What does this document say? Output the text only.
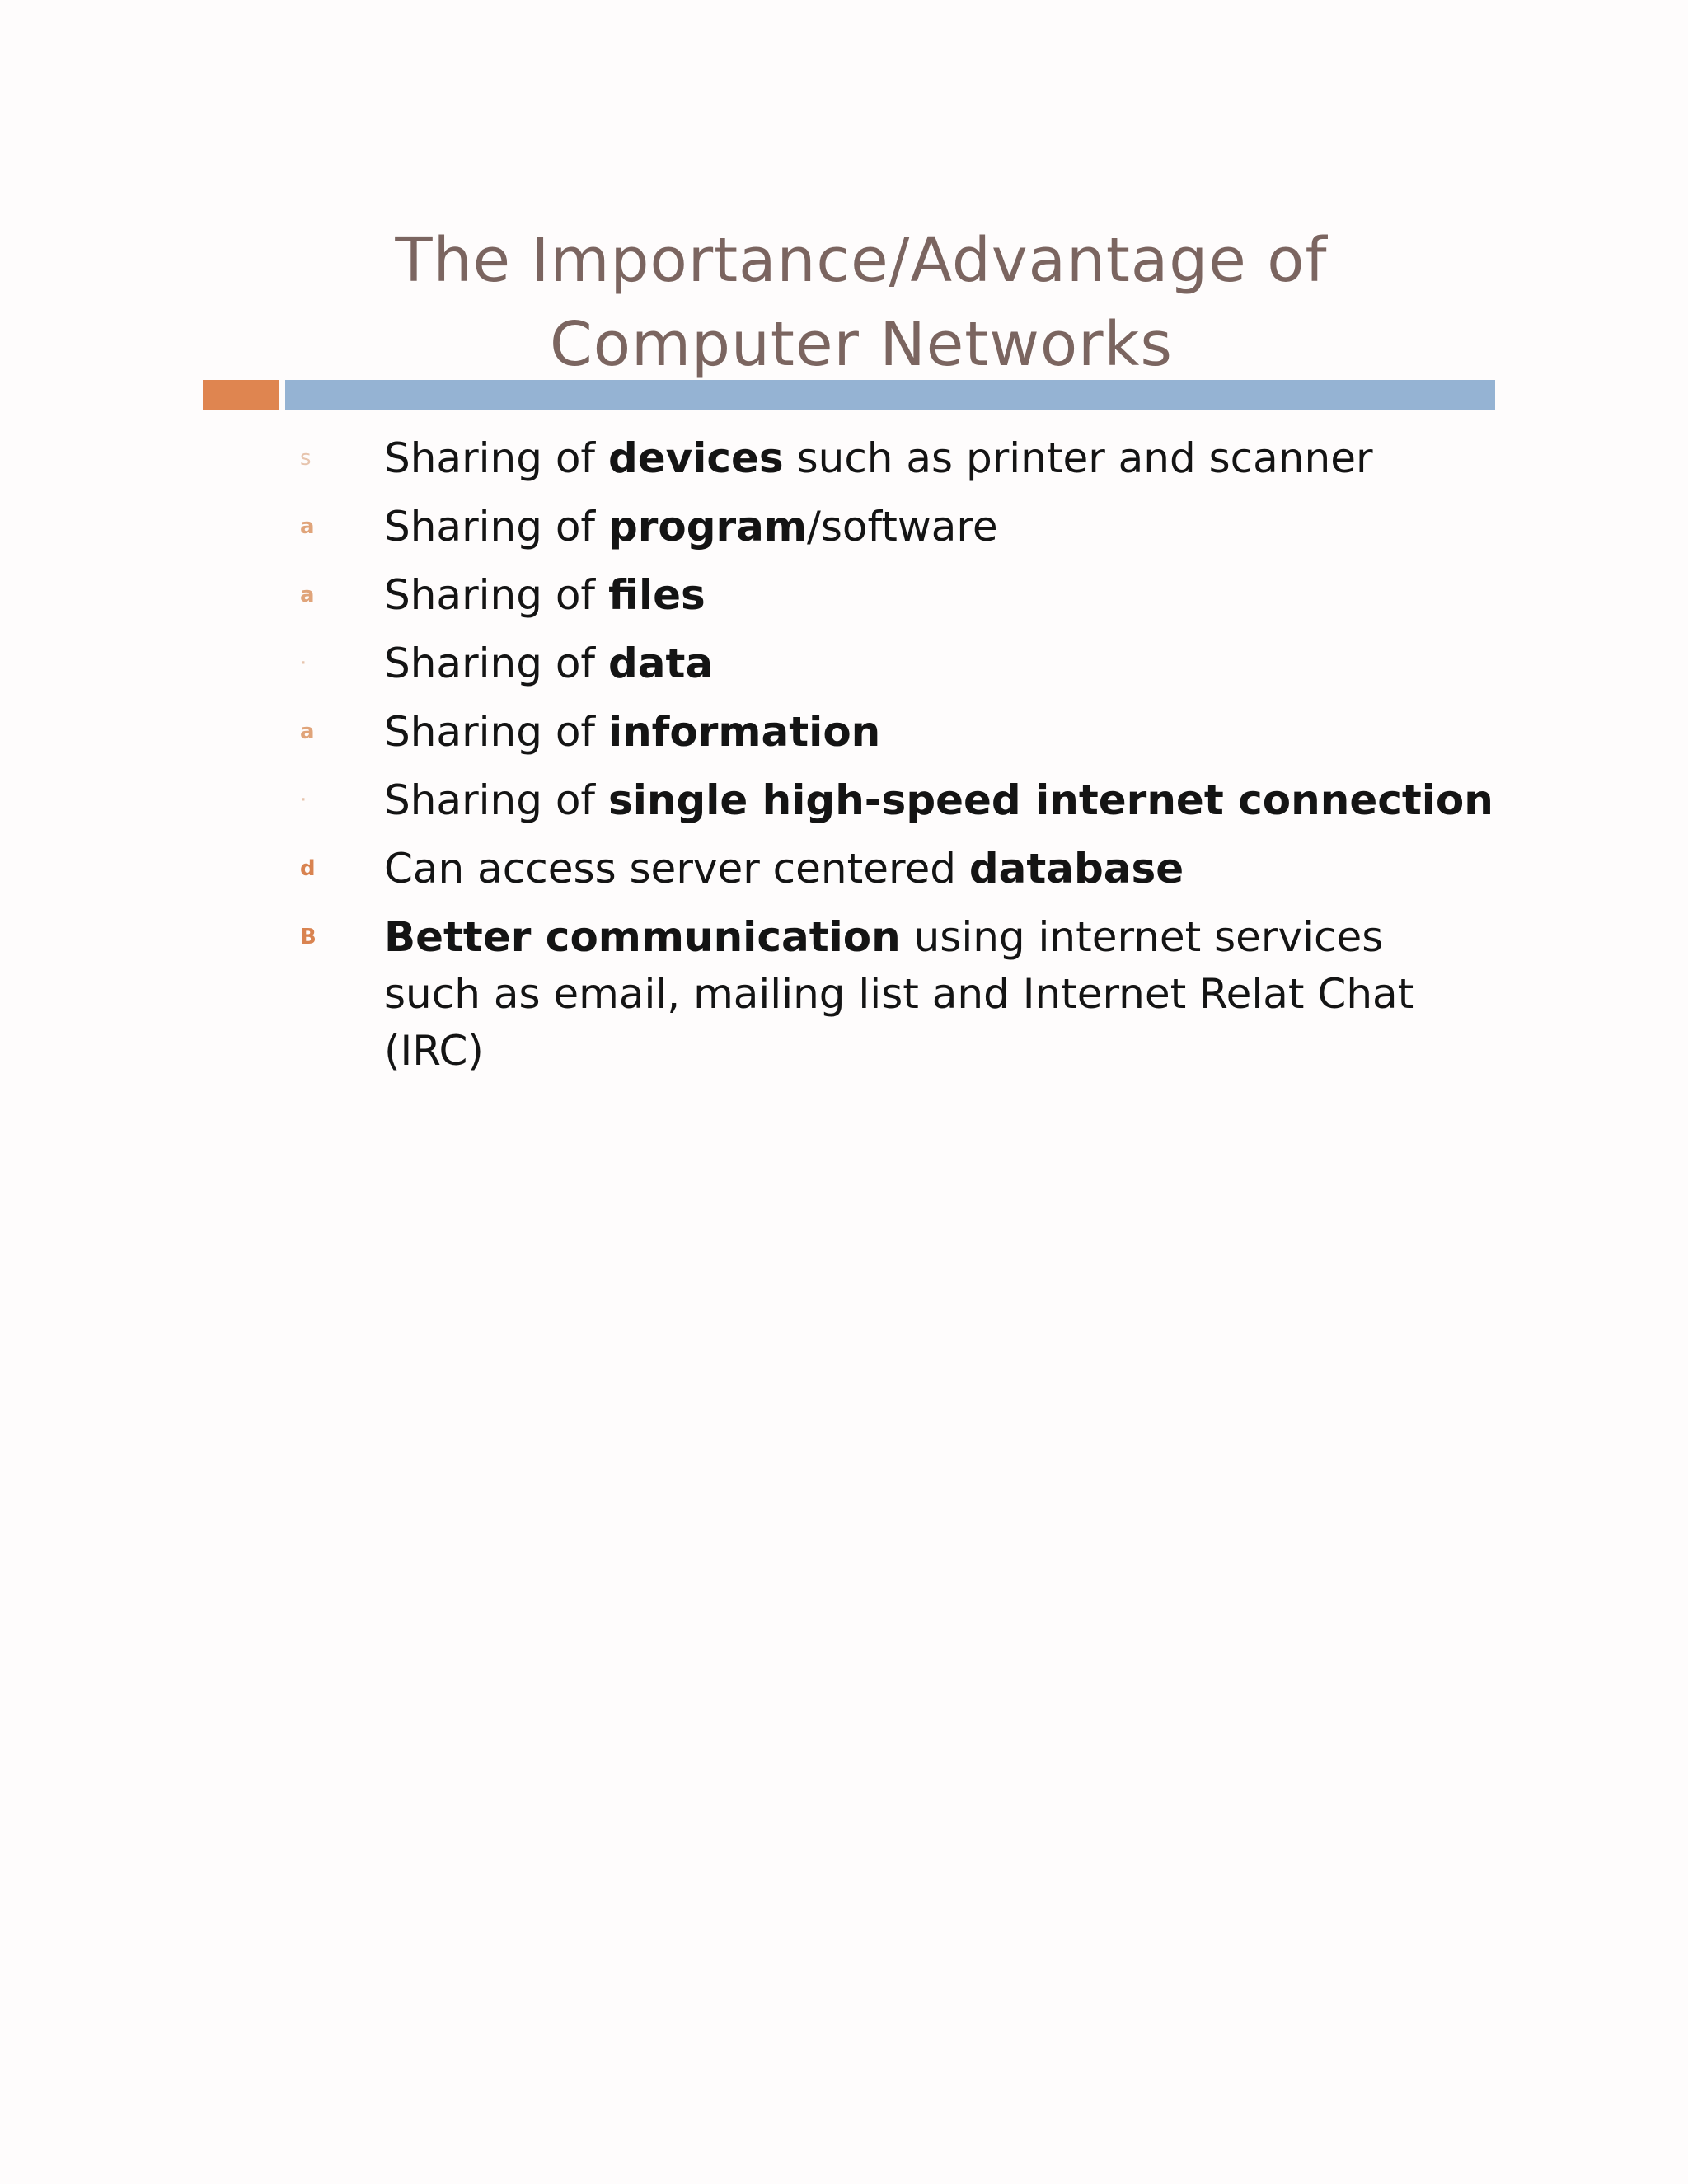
The Importance/Advantage of
Computer Networks
s Sharing of devices such as printer and scanner
a Sharing of program/software
a Sharing of files
· Sharing of data
a Sharing of information
· Sharing of single high-speed internet connection
d Can access server centered database
B Better communication using internet services such as email, mailing list and Internet Relat Chat (IRC)
